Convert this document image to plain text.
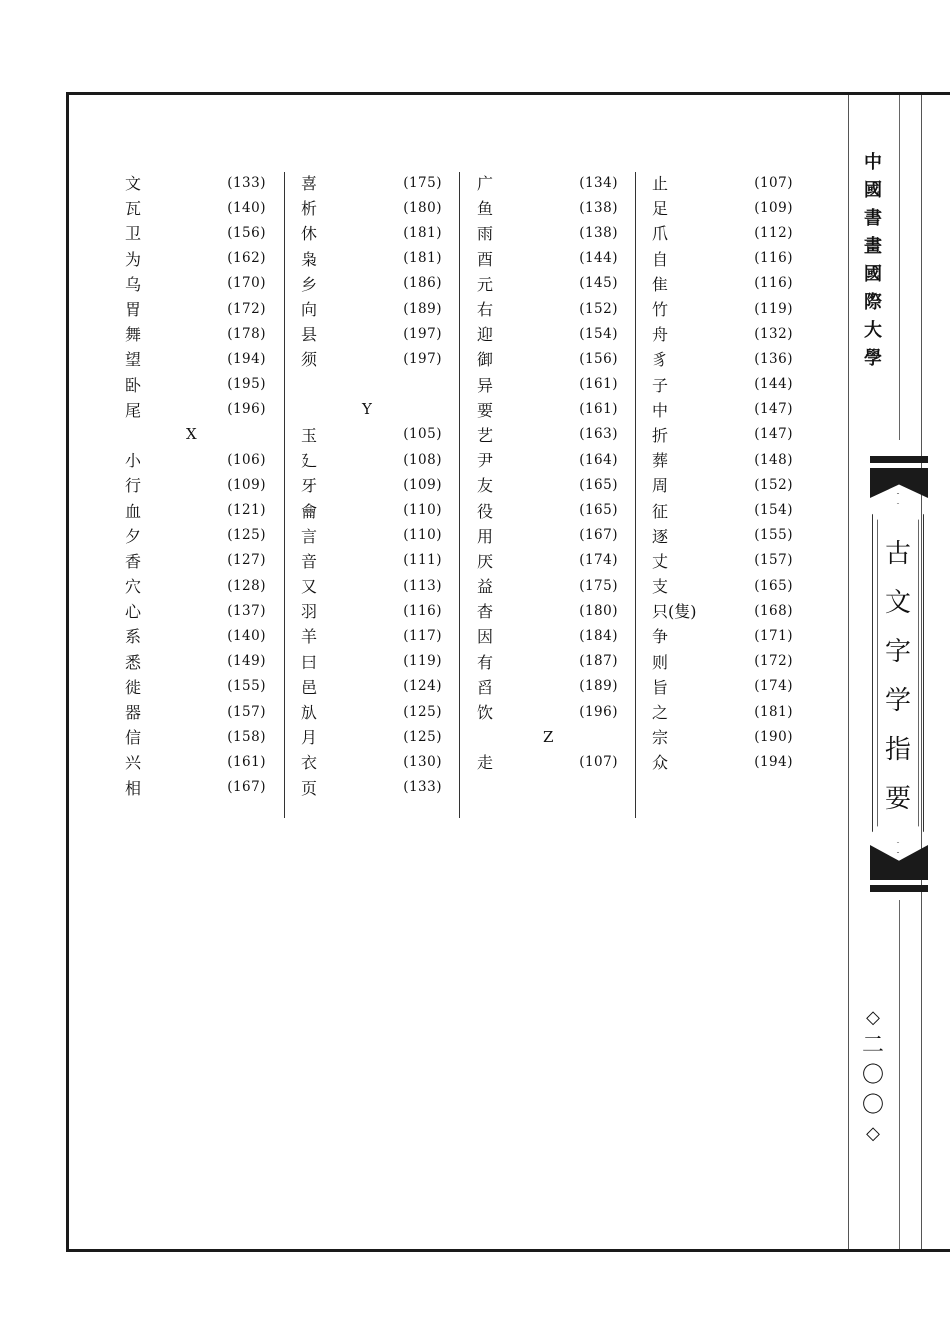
文	(133)
瓦	(140)
卫	(156)
为	(162)
乌	(170)
胃	(172)
舞	(178)
望	(194)
卧	(195)
尾	(196)
X
小	(106)
行	(109)
血	(121)
夕	(125)
香	(127)
穴	(128)
心	(137)
系	(140)
悉	(149)
徙	(155)
器	(157)
信	(158)
兴	(161)
相	(167)
喜	(175)
析	(180)
休	(181)
枭	(181)
乡	(186)
向	(189)
县	(197)
须	(197)
Y
玉	(105)
廴	(108)
牙	(109)
龠	(110)
言	(110)
音	(111)
又	(113)
羽	(116)
羊	(117)
曰	(119)
邑	(124)
㫃	(125)
月	(125)
衣	(130)
页	(133)
广	(134)
鱼	(138)
雨	(138)
酉	(144)
元	(145)
右	(152)
迎	(154)
御	(156)
异	(161)
要	(161)
艺	(163)
尹	(164)
友	(165)
役	(165)
用	(167)
厌	(174)
益	(175)
杳	(180)
因	(184)
有	(187)
舀	(189)
饮	(196)
Z
走	(107)
止	(107)
足	(109)
爪	(112)
自	(116)
隹	(116)
竹	(119)
舟	(132)
豸	(136)
子	(144)
中	(147)
折	(147)
葬	(148)
周	(152)
征	(154)
逐	(155)
丈	(157)
支	(165)
只(隻)	(168)
争	(171)
则	(172)
旨	(174)
之	(181)
宗	(190)
众	(194)
中
國
書
畫
國
際
大
學
古
文
字
学
指
要
◇
二
〇
〇
◇
